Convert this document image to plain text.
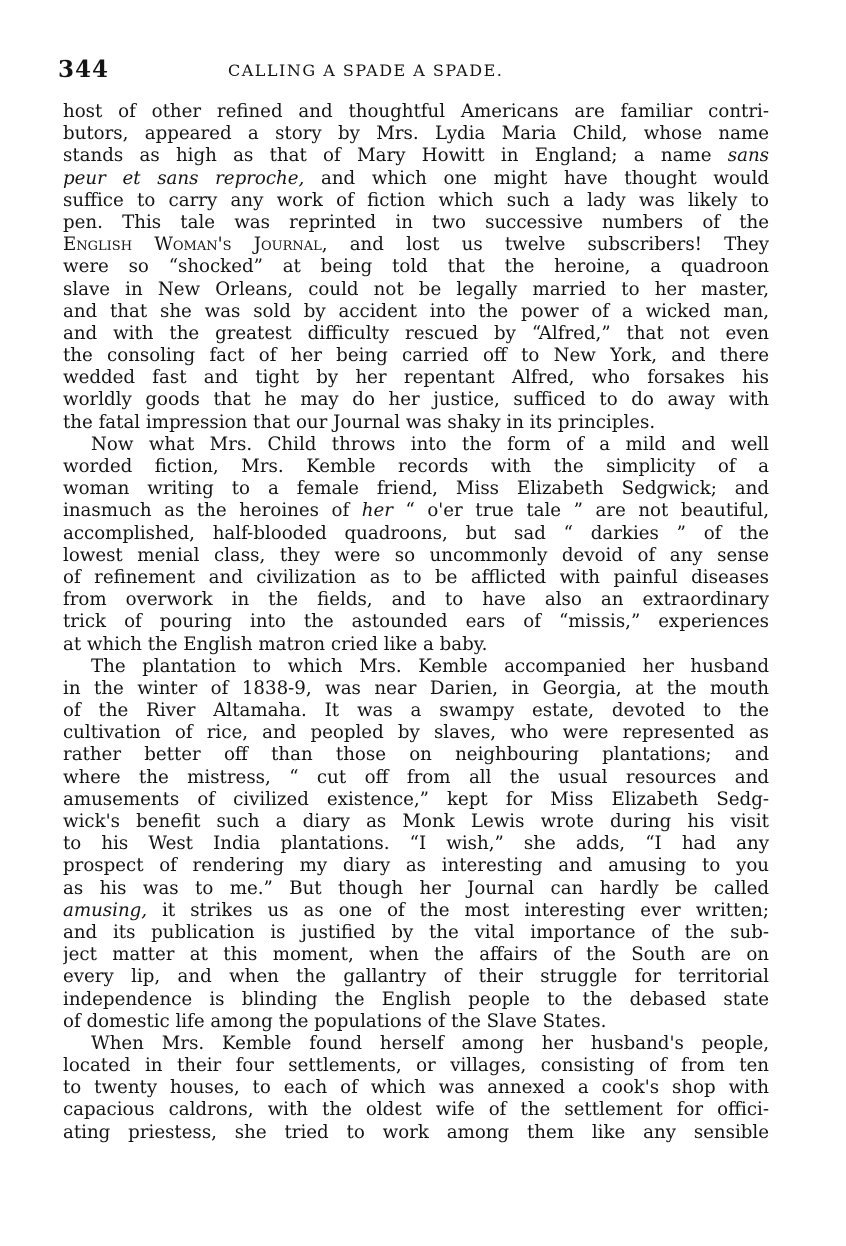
344	CALLING A SPADE A SPADE.
host of other refined and thoughtful Americans are familiar contri-
butors, appeared a story by Mrs. Lydia Maria Child, whose name
stands as high as that of Mary Howitt in England; a name sans
peur et sans reproche, and which one might have thought would
suffice to carry any work of fiction which such a lady was likely to
pen. This tale was reprinted in two successive numbers of the
English Woman's Journal, and lost us twelve subscribers! They
were so “shocked” at being told that the heroine, a quadroon
slave in New Orleans, could not be legally married to her master,
and that she was sold by accident into the power of a wicked man,
and with the greatest difficulty rescued by “Alfred,” that not even
the consoling fact of her being carried off to New York, and there
wedded fast and tight by her repentant Alfred, who forsakes his
worldly goods that he may do her justice, sufficed to do away with
the fatal impression that our Journal was shaky in its principles.
Now what Mrs. Child throws into the form of a mild and well
worded fiction, Mrs. Kemble records with the simplicity of a
woman writing to a female friend, Miss Elizabeth Sedgwick; and
inasmuch as the heroines of her “ o'er true tale ” are not beautiful,
accomplished, half-blooded quadroons, but sad “ darkies ” of the
lowest menial class, they were so uncommonly devoid of any sense
of refinement and civilization as to be afflicted with painful diseases
from overwork in the fields, and to have also an extraordinary
trick of pouring into the astounded ears of “missis,” experiences
at which the English matron cried like a baby.
The plantation to which Mrs. Kemble accompanied her husband
in the winter of 1838-9, was near Darien, in Georgia, at the mouth
of the River Altamaha. It was a swampy estate, devoted to the
cultivation of rice, and peopled by slaves, who were represented as
rather better off than those on neighbouring plantations; and
where the mistress, “ cut off from all the usual resources and
amusements of civilized existence,” kept for Miss Elizabeth Sedg-
wick's benefit such a diary as Monk Lewis wrote during his visit
to his West India plantations. “I wish,” she adds, “I had any
prospect of rendering my diary as interesting and amusing to you
as his was to me.” But though her Journal can hardly be called
amusing, it strikes us as one of the most interesting ever written;
and its publication is justified by the vital importance of the sub-
ject matter at this moment, when the affairs of the South are on
every lip, and when the gallantry of their struggle for territorial
independence is blinding the English people to the debased state
of domestic life among the populations of the Slave States.
When Mrs. Kemble found herself among her husband's people,
located in their four settlements, or villages, consisting of from ten
to twenty houses, to each of which was annexed a cook's shop with
capacious caldrons, with the oldest wife of the settlement for offici-
ating priestess, she tried to work among them like any sensible
